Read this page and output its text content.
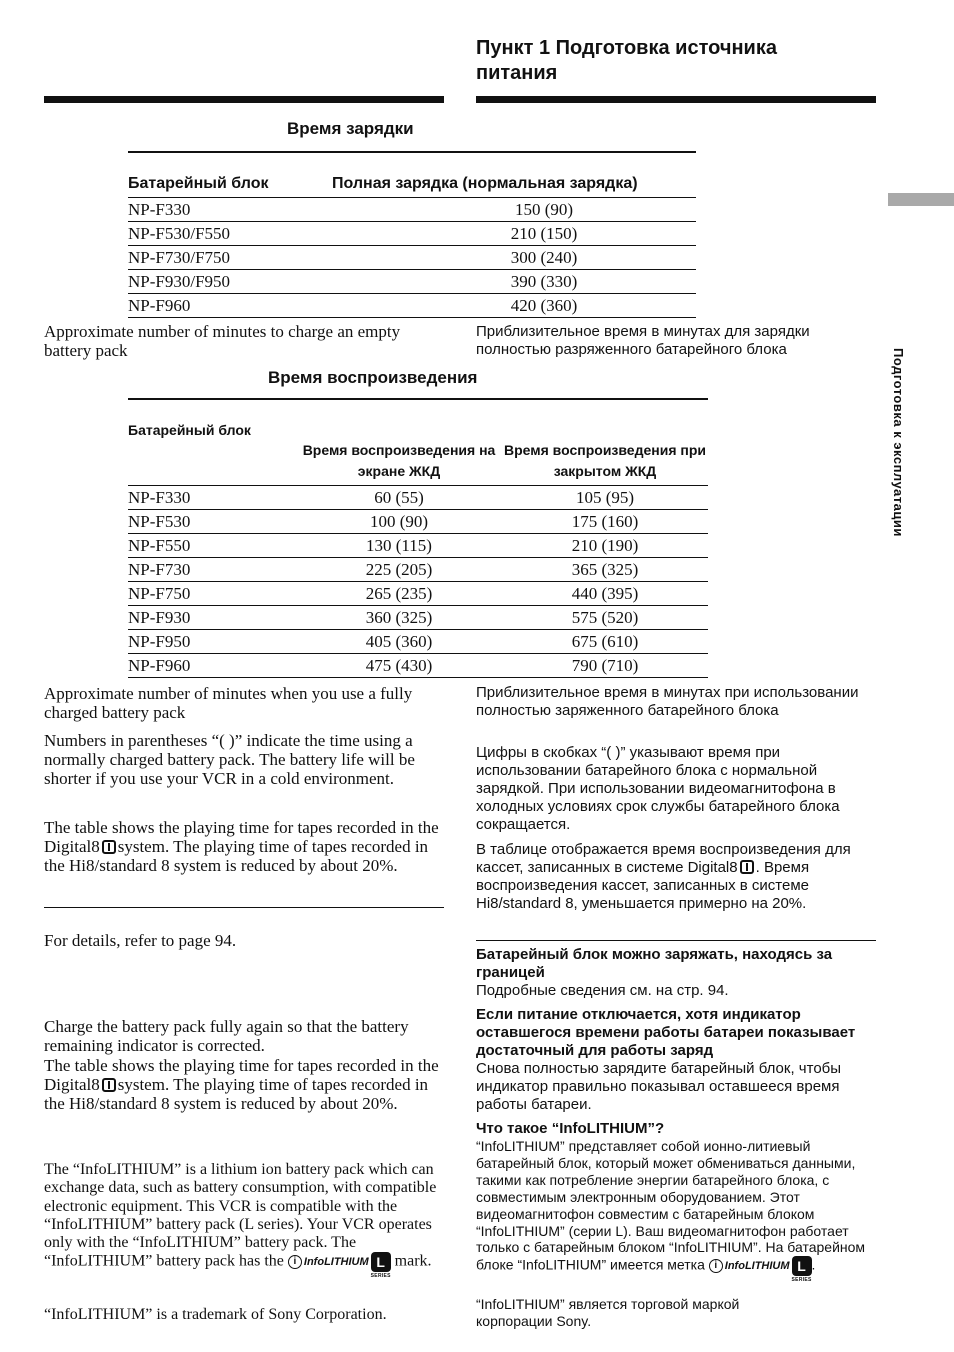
Пункт 1 Подготовка источника питания
Подготовка к эксплуатации
Время зарядки
Батарейный блок	Полная зарядка (нормальная зарядка)
NP-F330	150 (90)
NP-F530/F550	210 (150)
NP-F730/F750	300 (240)
NP-F930/F950	390 (330)
NP-F960	420 (360)
Approximate number of minutes to charge an empty battery pack
Приблизительное время в минутах для зарядки полностью разряженного батарейного блока
Время воспроизведения
Батарейный блок	Время воспроизведения на экране ЖКД	Время воспроизведения при закрытом ЖКД

NP-F330	60 (55)	105 (95)
NP-F530	100 (90)	175 (160)
NP-F550	130 (115)	210 (190)
NP-F730	225 (205)	365 (325)
NP-F750	265 (235)	440 (395)
NP-F930	360 (325)	575 (520)
NP-F950	405 (360)	675 (610)
NP-F960	475 (430)	790 (710)
Approximate number of minutes when you use a fully charged battery pack
Numbers in parentheses “( )” indicate the time using a normally charged battery pack. The battery life will be shorter if you use your VCR in a cold environment.
The table shows the playing time for tapes recorded in the Digital8 system. The playing time of tapes recorded in the Hi8/standard 8 system is reduced by about 20%.
For details, refer to page 94.
Charge the battery pack fully again so that the battery remaining indicator is corrected.
The table shows the playing time for tapes recorded in the Digital8 system. The playing time of tapes recorded in the Hi8/standard 8 system is reduced by about 20%.
The “InfoLITHIUM” is a lithium ion battery pack which can exchange data, such as battery consumption, with compatible electronic equipment. This VCR is compatible with the “InfoLITHIUM” battery pack (L series). Your VCR operates only with the “InfoLITHIUM” battery pack. The “InfoLITHIUM” battery pack has the i InfoLITHIUM L
SERIES
mark.
“InfoLITHIUM” is a trademark of Sony Corporation.
Приблизительное время в минутах при использовании полностью заряженного батарейного блока
Цифры в скобках “( )” указывают время при использовании батарейного блока с нормальной зарядкой. При использовании видеомагнитофона в холодных условиях срок службы батарейного блока сокращается.
В таблице отображается время воспроизведения для кассет, записанных в системе Digital8 . Время воспроизведения кассет, записанных в системе Hi8/standard 8, уменьшается примерно на 20%.
Батарейный блок можно заряжать, находясь за границей
Подробные сведения см. на стр. 94.
Если питание отключается, хотя индикатор оставшегося времени работы батареи показывает достаточный для работы заряд
Снова полностью зарядите батарейный блок, чтобы индикатор правильно показывал оставшееся время работы батареи.
Что такое “InfoLITHIUM”?
“InfoLITHIUM” представляет собой ионно-литиевый батарейный блок, который может обмениваться данными, такими как потребление энергии батарейного блока, с совместимым электронным оборудованием. Этот видеомагнитофон совместим с батарейным блоком “InfoLITHIUM” (серии L). Ваш видеомагнитофон работает только с батарейным блоком “InfoLITHIUM”. На батарейном блоке “InfoLITHIUM” имеется метка i InfoLITHIUM L
SERIES
.
“InfoLITHIUM” является торговой маркой корпорации Sony.
